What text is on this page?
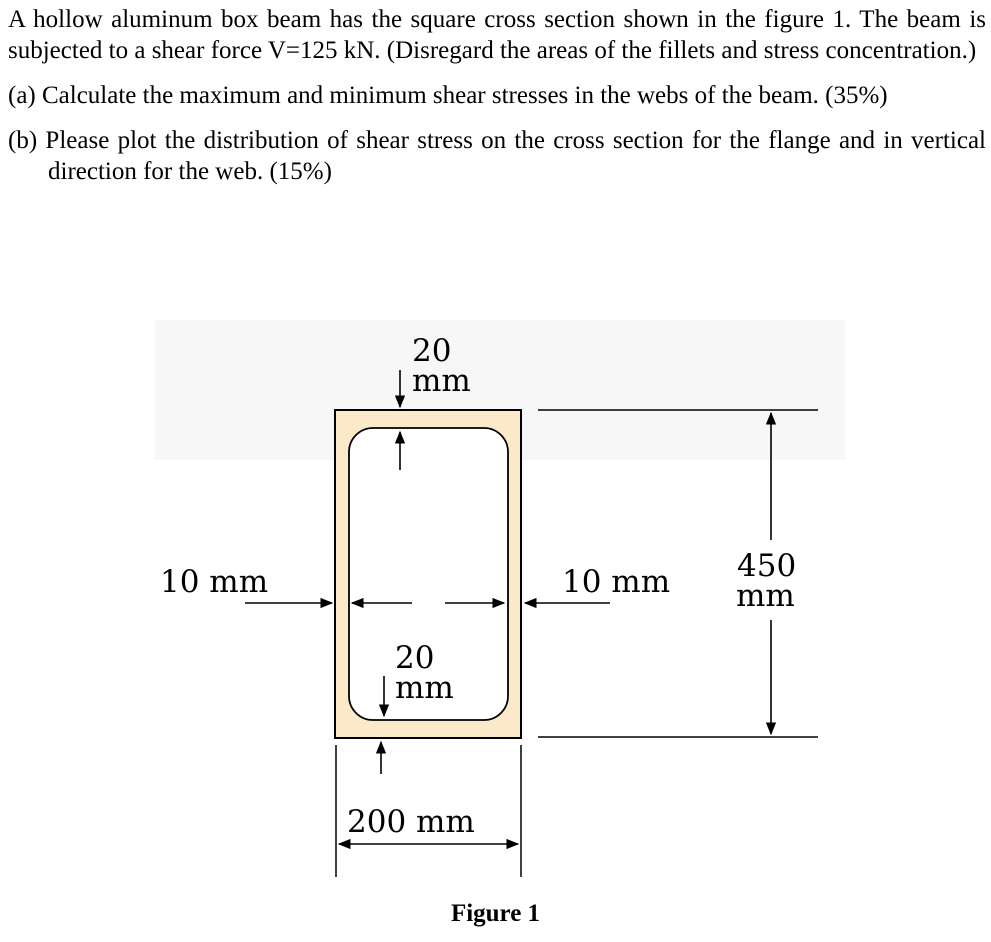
A hollow aluminum box beam has the square cross section shown in the figure 1. The beam is subjected to a shear force V=125 kN. (Disregard the areas of the fillets and stress concentration.)

(a) Calculate the maximum and minimum shear stresses in the webs of the beam. (35%)

(b) Please plot the distribution of shear stress on the cross section for the flange and in vertical direction for the web. (15%)

20
mm
20
mm
10 mm	10 mm 450
mm
200 mm
Figure 1
